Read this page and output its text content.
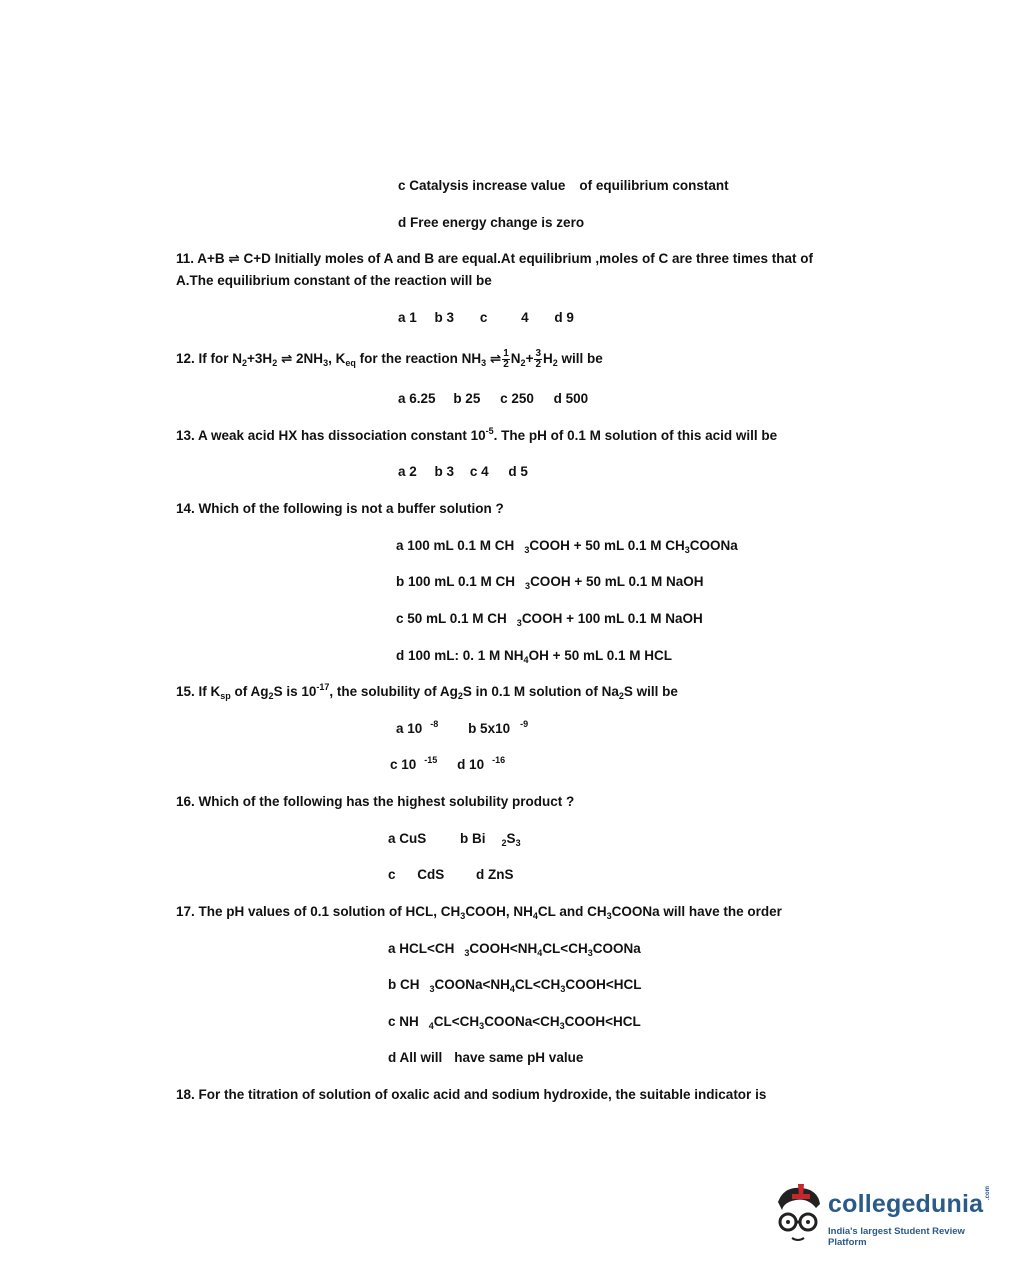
c Catalysis increase value of equilibrium constant
d Free energy change is zero
11. A+B ⇌ C+D Initially moles of A and B are equal.At equilibrium ,moles of C are three times that of
A.The equilibrium constant of the reaction will be
a 1 b 3 c	4 d 9
12. If for $N_2+3H_2$ ⇌ $2NH_3$, $K_{eq}$ for the reaction $NH_3$ ⇌ $\frac{1}{2} N_2+ \frac{3}{2} H_2$ will be
a 6.25 b 25 c 250 d 500
13. A weak acid HX has dissociation constant $10^{-5}$. The pH of 0.1 M solution of this acid will be
a 2 b 3 c 4 d 5
14. Which of the following is not a buffer solution ?
a 100 mL 0.1 M CH $_3$COOH + 50 mL 0.1 M $CH_3COONa$
b 100 mL 0.1 M CH $_3$COOH + 50 mL 0.1 M NaOH
c 50 mL 0.1 M CH $_3$COOH + 100 mL 0.1 M NaOH
d 100 mL: 0. 1 M $NH_4OH + 50$ mL 0.1 M HCL
15. If $K_{sp}$ of $Ag_2S$ is $10^{-17}$, the solubility of $Ag_2S$ in 0.1 M solution of $Na_2S$ will be
a 10 $^{-8}$ b 5x10 $^{-9}$
c 10 $^{-15}$ d 10 $^{-16}$
16. Which of the following has the highest solubility product ?
a CuS	b Bi $_2S_3$
c CdS d ZnS
17. The pH values of 0.1 solution of HCL, $CH_3COOH$, $NH_4CL$ and $CH_3COONa$ will have the order
a HCL<CH $_3COOH<NH_4CL<CH_3COONa$
b CH $_3COONa<NH_4CL<CH_3COOH<HCL$
c NH $_4CL<CH_3COONa<CH_3COOH<HCL$
d All will have same pH value
18. For the titration of solution of oxalic acid and sodium hydroxide, the suitable indicator is
collegedunia .com
India's largest Student Review Platform
